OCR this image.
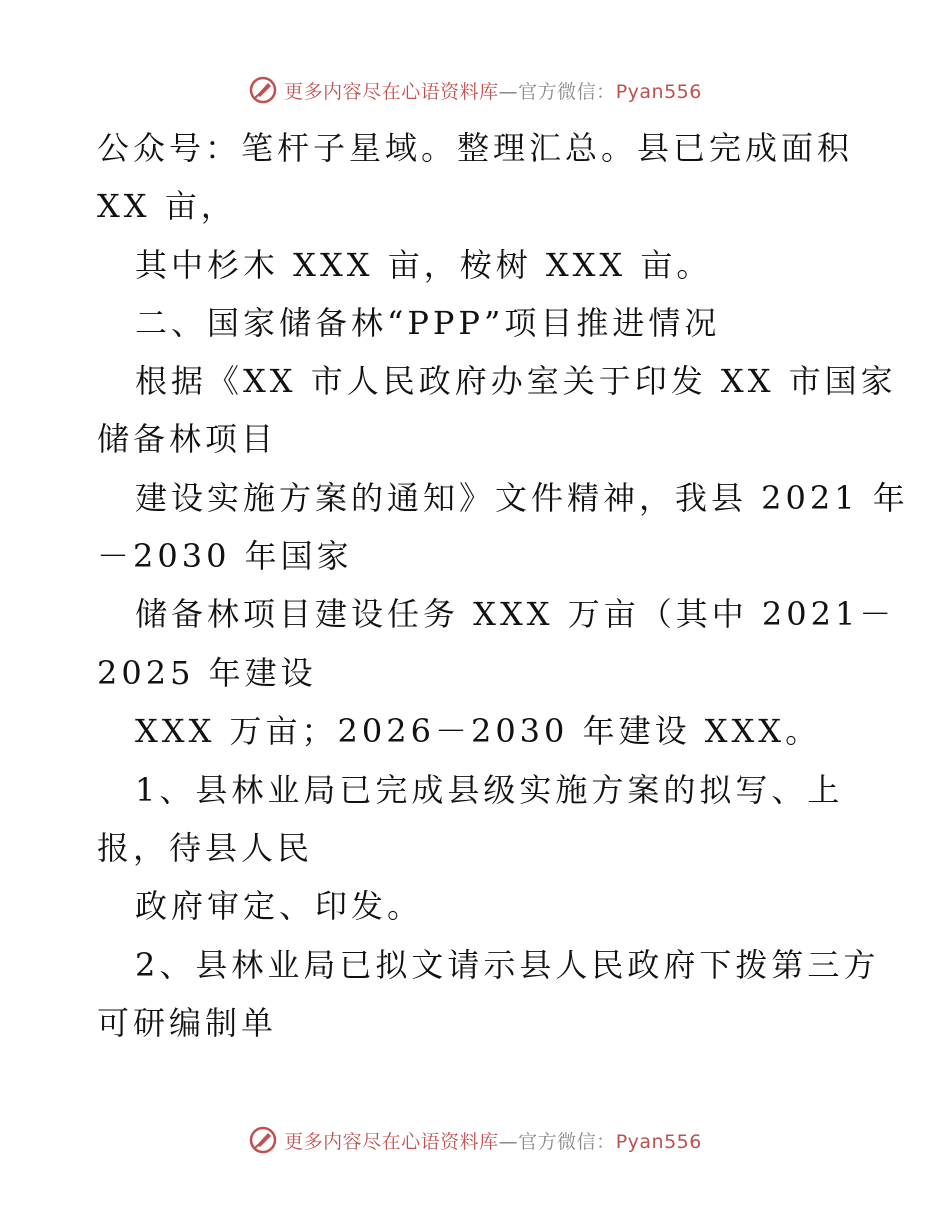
更多内容尽在心语资料库—官方微信：Pyan556
公众号：笔杆子星域。整理汇总。县已完成面积
XX 亩，
其中杉木 XXX 亩，桉树 XXX 亩。
二、国家储备林“PPP”项目推进情况
根据《XX 市人民政府办室关于印发 XX 市国家
储备林项目
建设实施方案的通知》文件精神，我县 2021 年
－2030 年国家
储备林项目建设任务 XXX 万亩（其中 2021－
2025 年建设
XXX 万亩；2026－2030 年建设 XXX。
1、县林业局已完成县级实施方案的拟写、上
报，待县人民
政府审定、印发。
2、县林业局已拟文请示县人民政府下拨第三方
可研编制单
更多内容尽在心语资料库—官方微信：Pyan556
